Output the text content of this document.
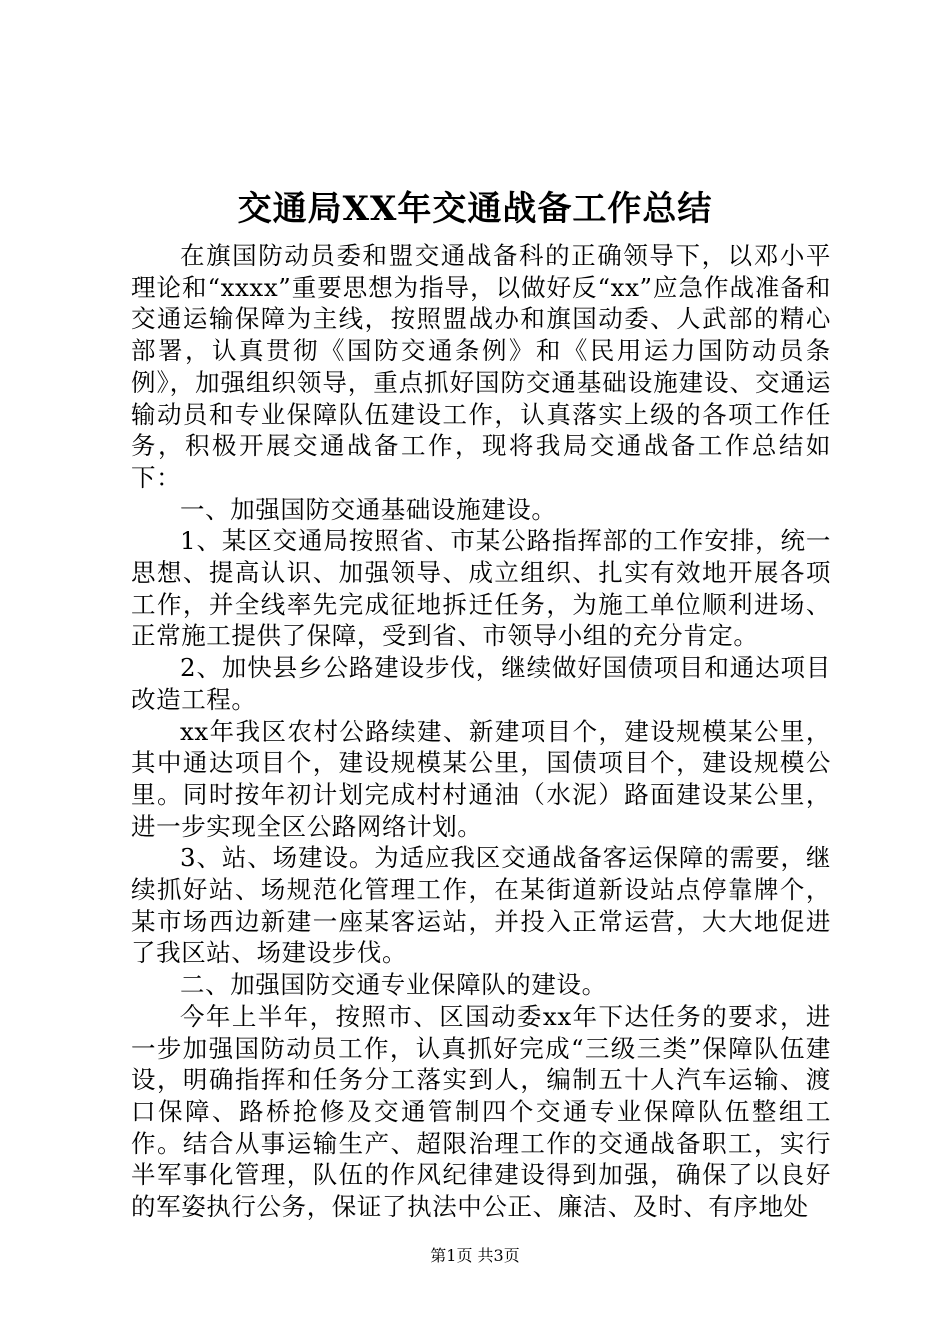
交通局XX年交通战备工作总结

在旗国防动员委和盟交通战备科的正确领导下，以邓小平理论和“xxxx”重要思想为指导，以做好反“xx”应急作战准备和交通运输保障为主线，按照盟战办和旗国动委、人武部的精心部署，认真贯彻《国防交通条例》和《民用运力国防动员条例》，加强组织领导，重点抓好国防交通基础设施建设、交通运输动员和专业保障队伍建设工作，认真落实上级的各项工作任务，积极开展交通战备工作，现将我局交通战备工作总结如下：

一、加强国防交通基础设施建设。

1、某区交通局按照省、市某公路指挥部的工作安排，统一思想、提高认识、加强领导、成立组织、扎实有效地开展各项工作，并全线率先完成征地拆迁任务，为施工单位顺利进场、正常施工提供了保障，受到省、市领导小组的充分肯定。

2、加快县乡公路建设步伐，继续做好国债项目和通达项目改造工程。

xx年我区农村公路续建、新建项目个，建设规模某公里，其中通达项目个，建设规模某公里，国债项目个，建设规模公里。同时按年初计划完成村村通油（水泥）路面建设某公里，进一步实现全区公路网络计划。

3、站、场建设。为适应我区交通战备客运保障的需要，继续抓好站、场规范化管理工作，在某街道新设站点停靠牌个，某市场西边新建一座某客运站，并投入正常运营，大大地促进了我区站、场建设步伐。

二、加强国防交通专业保障队的建设。

今年上半年，按照市、区国动委xx年下达任务的要求，进一步加强国防动员工作，认真抓好完成“三级三类”保障队伍建设，明确指挥和任务分工落实到人，编制五十人汽车运输、渡口保障、路桥抢修及交通管制四个交通专业保障队伍整组工作。结合从事运输生产、超限治理工作的交通战备职工，实行半军事化管理，队伍的作风纪律建设得到加强，确保了以良好的军姿执行公务，保证了执法中公正、廉洁、及时、有序地处

第1页 共3页
